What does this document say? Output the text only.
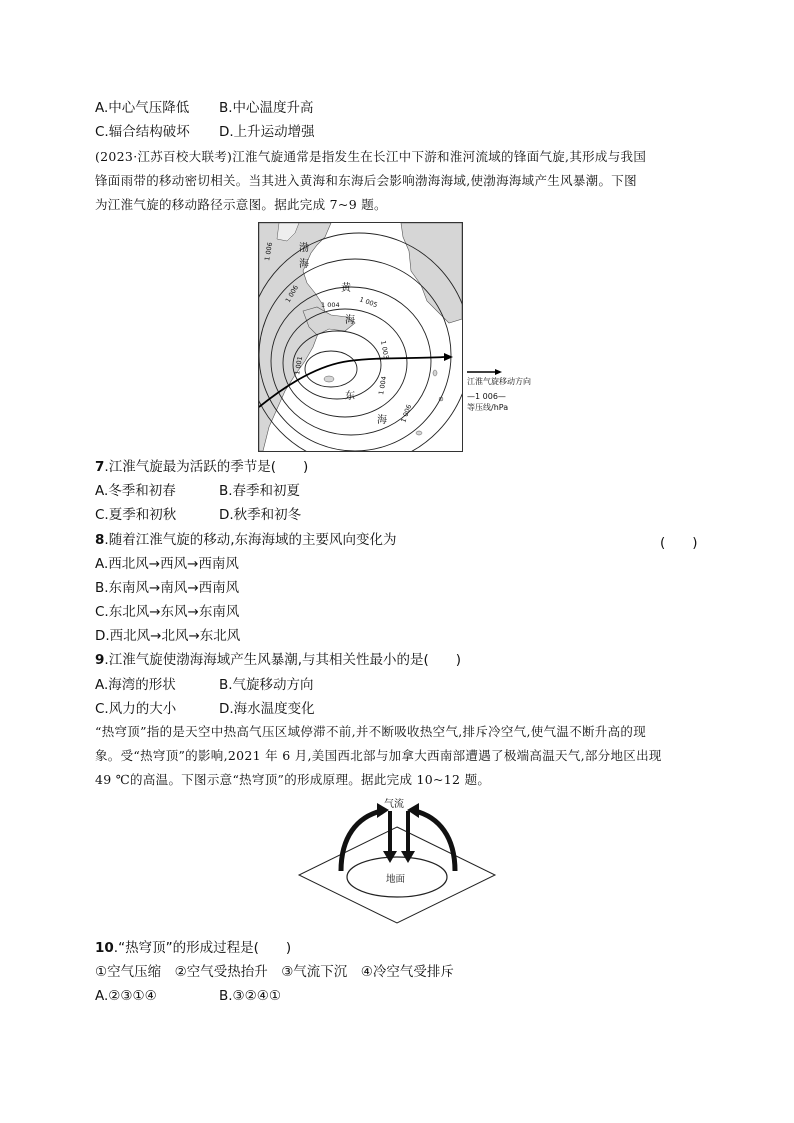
A.中心气压降低 B.中心温度升高
C.辐合结构破坏 D.上升运动增强
(2023·江苏百校大联考)江淮气旋通常是指发生在长江中下游和淮河流域的锋面气旋,其形成与我国
锋面雨带的移动密切相关。当其进入黄海和东海后会影响渤海海域,使渤海海域产生风暴潮。下图
为江淮气旋的移动路径示意图。据此完成 7~9 题。
渤
海
黄
海
东
海
1 006
1 006	1 005
1 004
1 003
1 001
1 004
1 006
江淮气旋移动方向
—1 006—
等压线/hPa
7.江淮气旋最为活跃的季节是(　　)
A.冬季和初春	B.春季和初夏
C.夏季和初秋	D.秋季和初冬
8.随着江淮气旋的移动,东海海域的主要风向变化为	(　　)
A.西北风→西风→西南风
B.东南风→南风→西南风
C.东北风→东风→东南风
D.西北风→北风→东北风
9.江淮气旋使渤海海域产生风暴潮,与其相关性最小的是(　　)
A.海湾的形状	B.气旋移动方向
C.风力的大小	D.海水温度变化
“热穹顶”指的是天空中热高气压区域停滞不前,并不断吸收热空气,排斥冷空气,使气温不断升高的现
象。受“热穹顶”的影响,2021 年 6 月,美国西北部与加拿大西南部遭遇了极端高温天气,部分地区出现
49 ℃的高温。下图示意“热穹顶”的形成原理。据此完成 10~12 题。
气流
地面
10.“热穹顶”的形成过程是(　　)
①空气压缩　②空气受热抬升　③气流下沉　④冷空气受排斥
A.②③①④	B.③②④①
